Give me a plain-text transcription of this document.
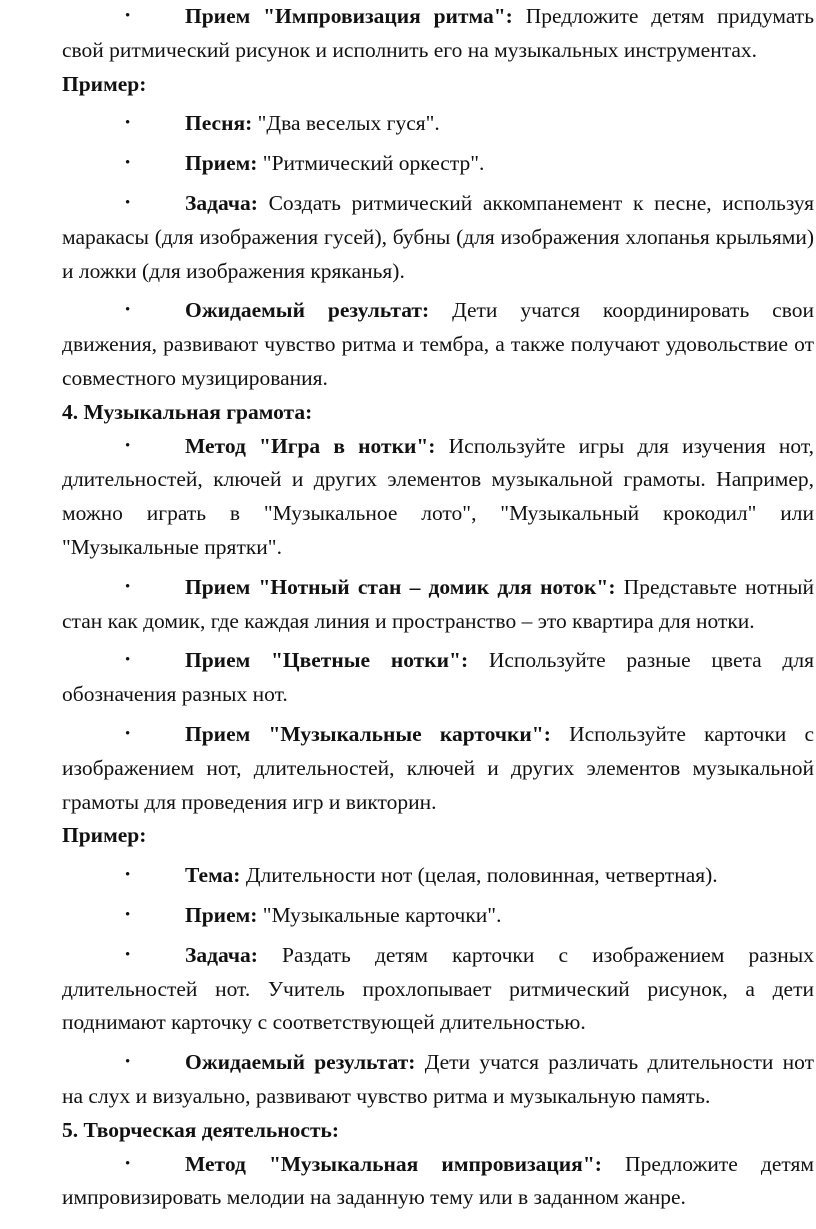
• Прием "Импровизация ритма": Предложите детям придумать свой ритмический рисунок и исполнить его на музыкальных инструментах.

Пример:

• Песня: "Два веселых гуся".

• Прием: "Ритмический оркестр".

• Задача: Создать ритмический аккомпанемент к песне, используя маракасы (для изображения гусей), бубны (для изображения хлопанья крыльями) и ложки (для изображения кряканья).

• Ожидаемый результат: Дети учатся координировать свои движения, развивают чувство ритма и тембра, а также получают удовольствие от совместного музицирования.

4. Музыкальная грамота:

• Метод "Игра в нотки": Используйте игры для изучения нот, длительностей, ключей и других элементов музыкальной грамоты. Например, можно играть в "Музыкальное лото", "Музыкальный крокодил" или "Музыкальные прятки".

• Прием "Нотный стан – домик для ноток": Представьте нотный стан как домик, где каждая линия и пространство – это квартира для нотки.

• Прием "Цветные нотки": Используйте разные цвета для обозначения разных нот.

• Прием "Музыкальные карточки": Используйте карточки с изображением нот, длительностей, ключей и других элементов музыкальной грамоты для проведения игр и викторин.

Пример:

• Тема: Длительности нот (целая, половинная, четвертная).

• Прием: "Музыкальные карточки".

• Задача: Раздать детям карточки с изображением разных длительностей нот. Учитель прохлопывает ритмический рисунок, а дети поднимают карточку с соответствующей длительностью.

• Ожидаемый результат: Дети учатся различать длительности нот на слух и визуально, развивают чувство ритма и музыкальную память.

5. Творческая деятельность:

• Метод "Музыкальная импровизация": Предложите детям импровизировать мелодии на заданную тему или в заданном жанре.
